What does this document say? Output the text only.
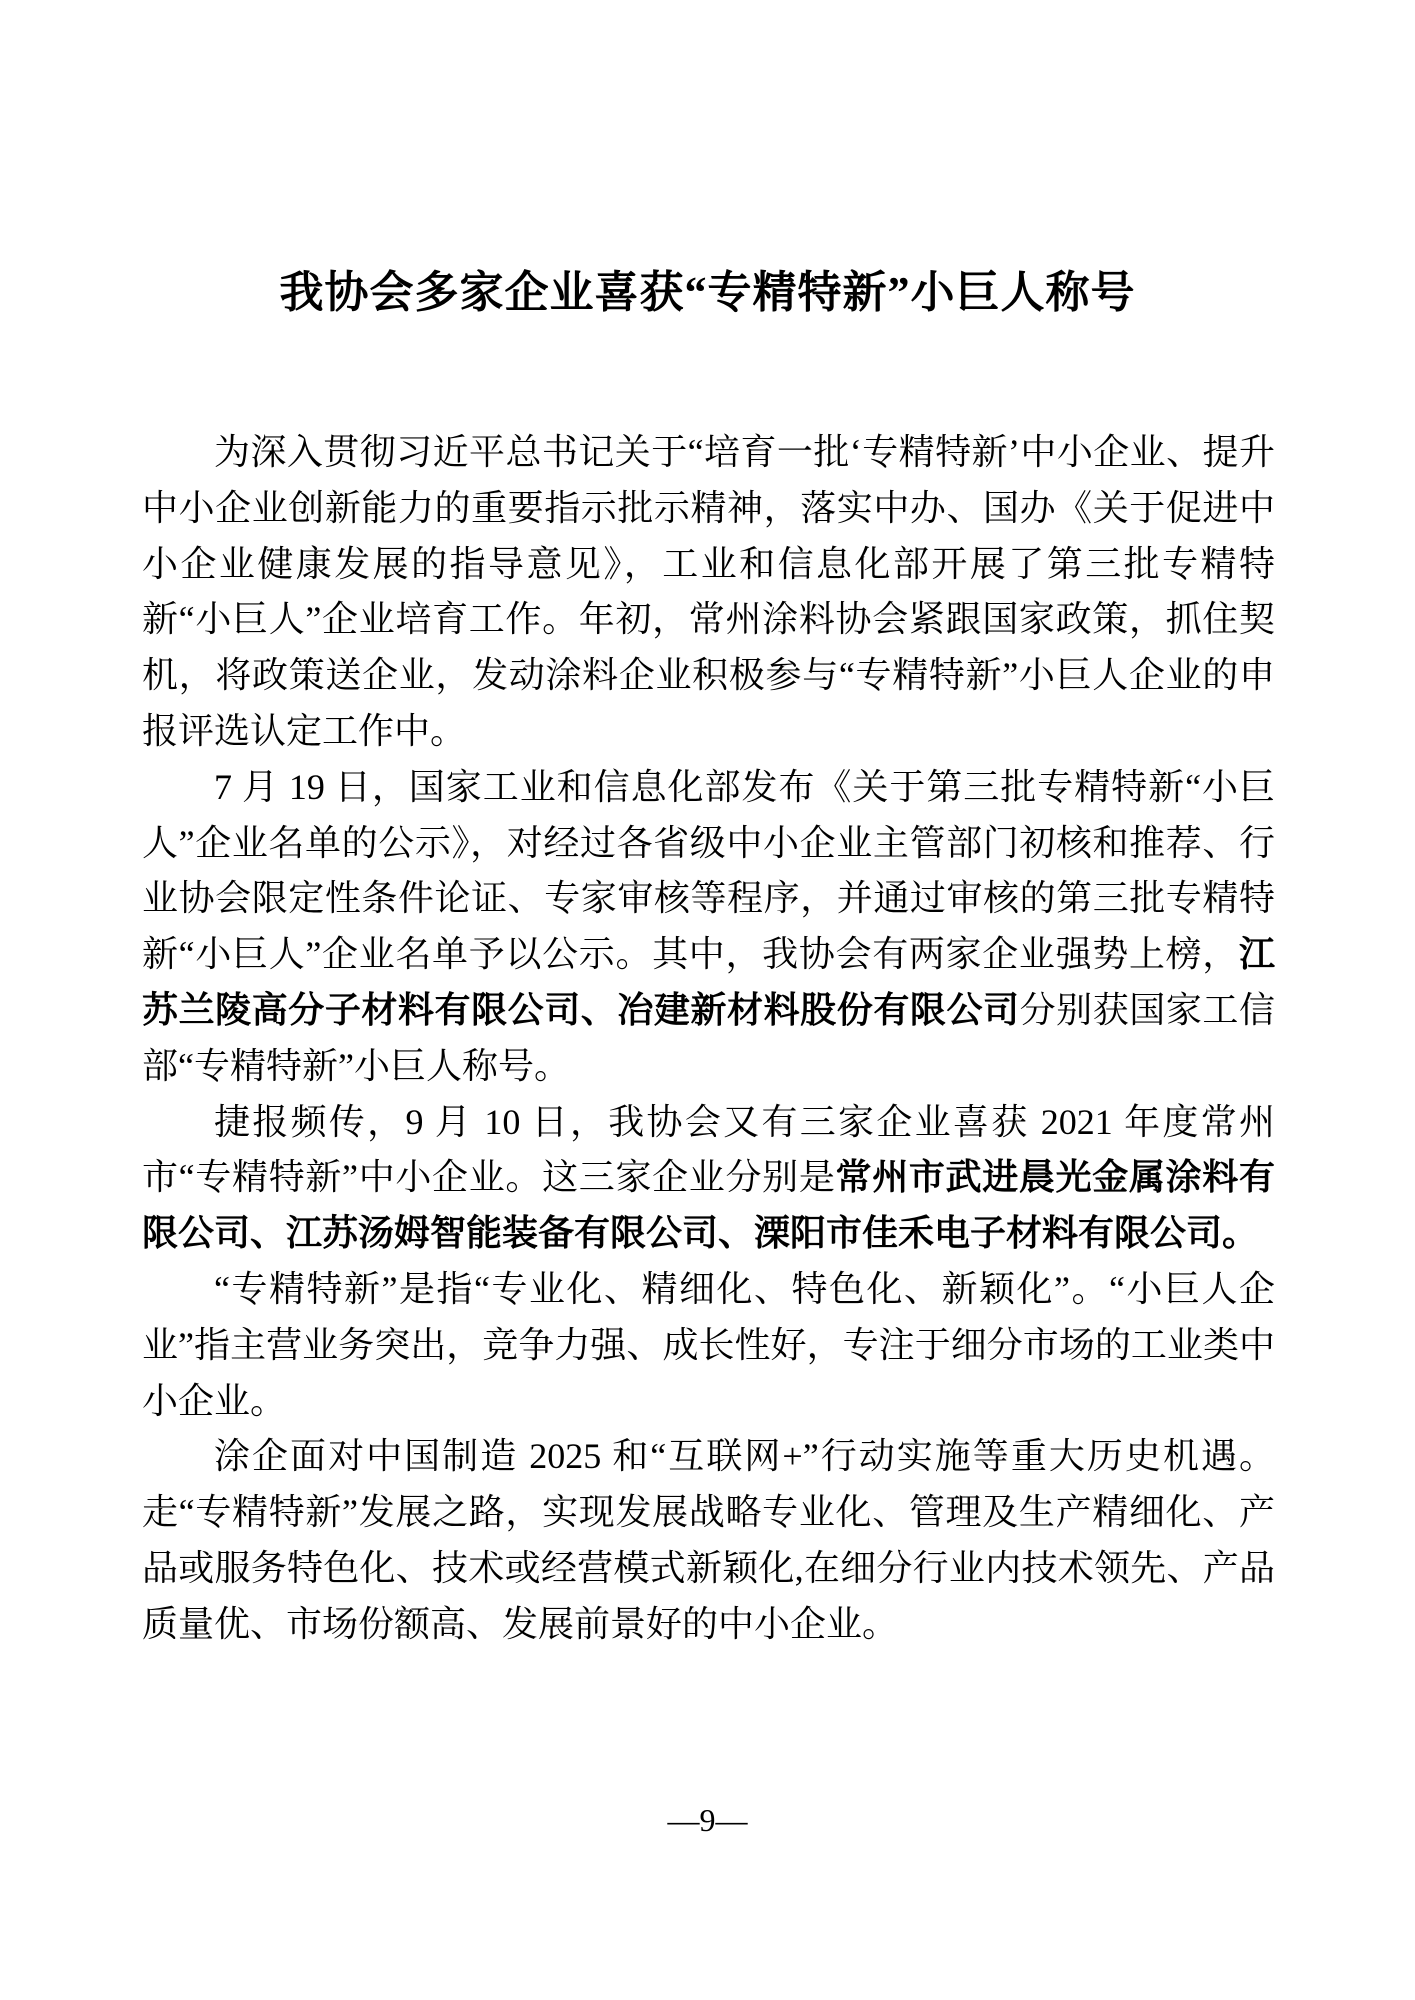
我协会多家企业喜获“专精特新”小巨人称号

为深入贯彻习近平总书记关于“培育一批‘专精特新’中小企业、提升中小企业创新能力的重要指示批示精神，落实中办、国办《关于促进中小企业健康发展的指导意见》，工业和信息化部开展了第三批专精特新“小巨人”企业培育工作。年初，常州涂料协会紧跟国家政策，抓住契机，将政策送企业，发动涂料企业积极参与“专精特新”小巨人企业的申报评选认定工作中。

7 月 19 日，国家工业和信息化部发布《关于第三批专精特新“小巨人”企业名单的公示》，对经过各省级中小企业主管部门初核和推荐、行业协会限定性条件论证、专家审核等程序，并通过审核的第三批专精特新“小巨人”企业名单予以公示。其中，我协会有两家企业强势上榜，江苏兰陵高分子材料有限公司、冶建新材料股份有限公司分别获国家工信部“专精特新”小巨人称号。

捷报频传，9 月 10 日，我协会又有三家企业喜获 2021 年度常州市“专精特新”中小企业。这三家企业分别是常州市武进晨光金属涂料有限公司、江苏汤姆智能装备有限公司、溧阳市佳禾电子材料有限公司。

“专精特新”是指“专业化、精细化、特色化、新颖化”。“小巨人企业”指主营业务突出，竞争力强、成长性好，专注于细分市场的工业类中小企业。

涂企面对中国制造 2025 和“互联网+”行动实施等重大历史机遇。走“专精特新”发展之路，实现发展战略专业化、管理及生产精细化、产品或服务特色化、技术或经营模式新颖化,在细分行业内技术领先、产品质量优、市场份额高、发展前景好的中小企业。

—9—
